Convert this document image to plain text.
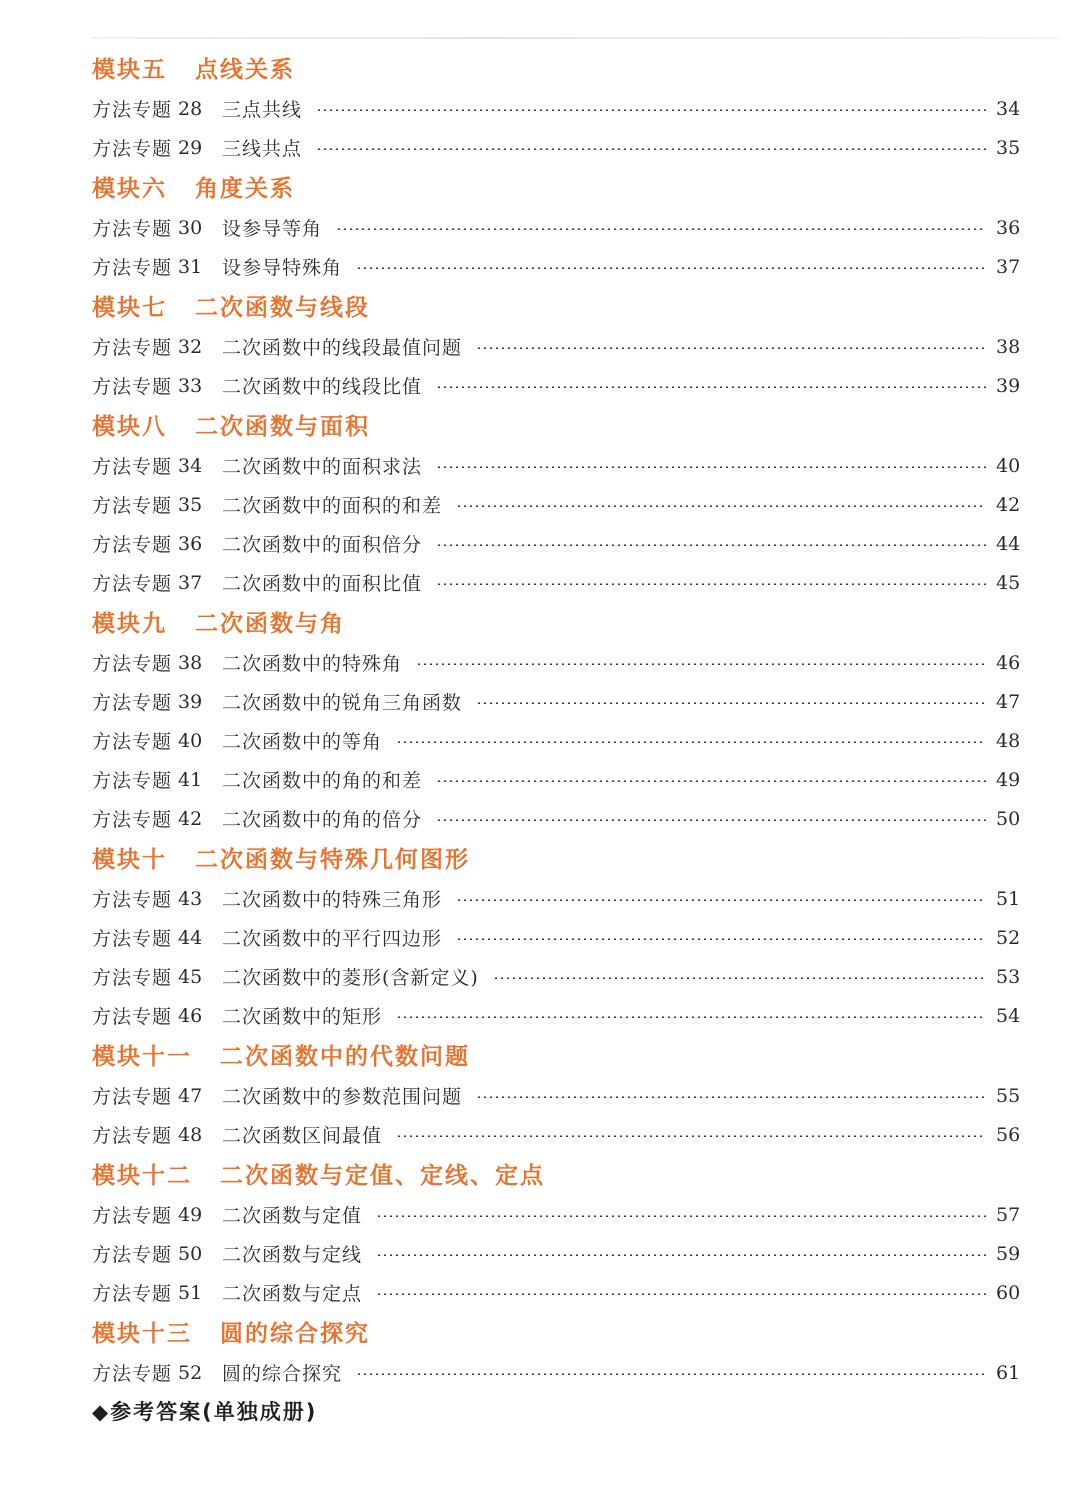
模块五 点线关系
方法专题 28 三点共线	34
方法专题 29 三线共点	35
模块六 角度关系
方法专题 30 设参导等角	36
方法专题 31 设参导特殊角	37
模块七 二次函数与线段
方法专题 32 二次函数中的线段最值问题	38
方法专题 33 二次函数中的线段比值	39
模块八 二次函数与面积
方法专题 34 二次函数中的面积求法	40
方法专题 35 二次函数中的面积的和差	42
方法专题 36 二次函数中的面积倍分	44
方法专题 37 二次函数中的面积比值	45
模块九 二次函数与角
方法专题 38 二次函数中的特殊角	46
方法专题 39 二次函数中的锐角三角函数	47
方法专题 40 二次函数中的等角	48
方法专题 41 二次函数中的角的和差	49
方法专题 42 二次函数中的角的倍分	50
模块十 二次函数与特殊几何图形
方法专题 43 二次函数中的特殊三角形	51
方法专题 44 二次函数中的平行四边形	52
方法专题 45 二次函数中的菱形(含新定义)	53
方法专题 46 二次函数中的矩形	54
模块十一 二次函数中的代数问题
方法专题 47 二次函数中的参数范围问题	55
方法专题 48 二次函数区间最值	56
模块十二 二次函数与定值、定线、定点
方法专题 49 二次函数与定值	57
方法专题 50 二次函数与定线	59
方法专题 51 二次函数与定点	60
模块十三 圆的综合探究
方法专题 52 圆的综合探究	61
◆参考答案(单独成册)
